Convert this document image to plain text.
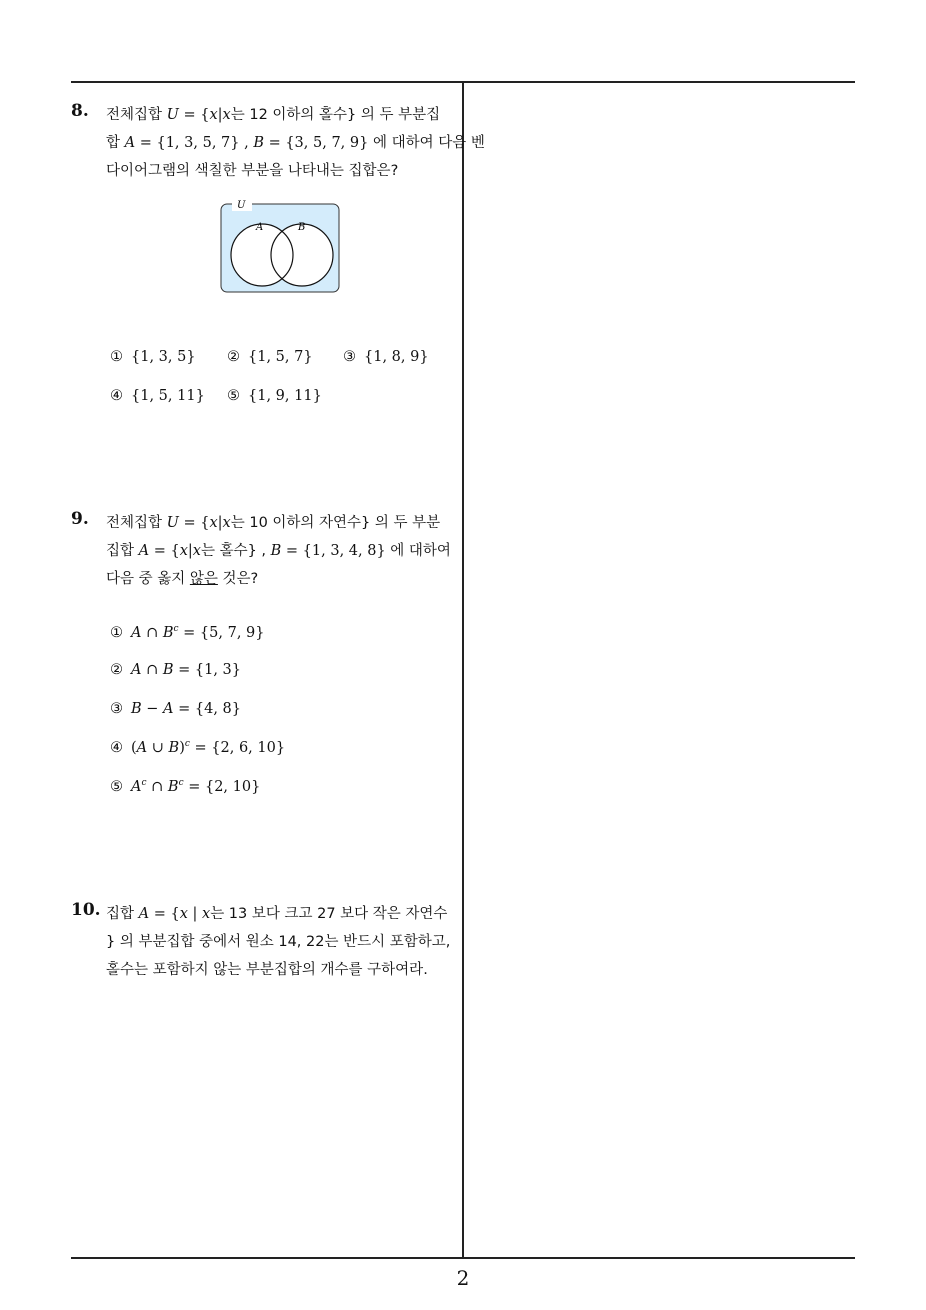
8. 전체집합 U = {x|x는 12 이하의 홀수} 의 두 부분집
합 A = {1, 3, 5, 7} , B = {3, 5, 7, 9} 에 대하여 다음 벤
다이어그램의 색칠한 부분을 나타내는 집합은?
U
A	B
① {1, 3, 5} ② {1, 5, 7} ③ {1, 8, 9}
④ {1, 5, 11} ⑤ {1, 9, 11}
9. 전체집합 U = {x|x는 10 이하의 자연수} 의 두 부분
집합 A = {x|x는 홀수} , B = {1, 3, 4, 8} 에 대하여
다음 중 옳지 않은 것은?
① A ∩ $B^c = \{5$, 7, 9}
② A ∩ B = {1, 3}
③ B − A = {4, 8}
④ (A ∪ B)$^c$ = {2, 6, 10}
⑤ $A^c$ ∩ $B^c = \{2$, 10}
10. 집합 A = {x | x는 13 보다 크고 27 보다 작은 자연수
} 의 부분집합 중에서 원소 14, 22는 반드시 포함하고,
홀수는 포함하지 않는 부분집합의 개수를 구하여라.
2
